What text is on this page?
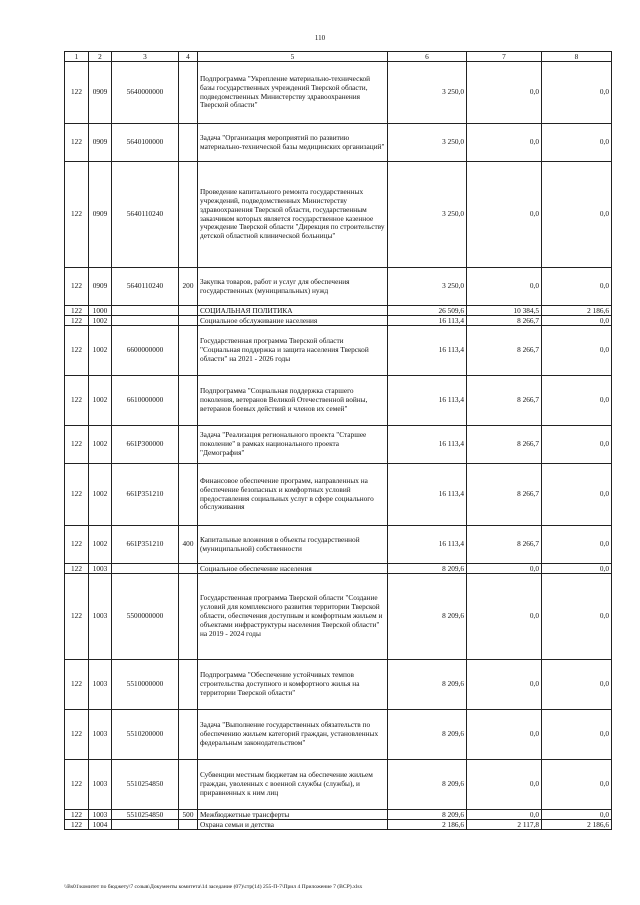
110
1	2	3	4	5	6	7	8
122	0909	5640000000		Подпрограмма "Укрепление материально-технической базы государственных учреждений Тверской области, подведомственных Министерству здравоохранения Тверской области"	3 250,0	0,0	0,0
122	0909	5640100000		Задача "Организация мероприятий по развитию материально-технической базы медицинских организаций"	3 250,0	0,0	0,0
122	0909	5640110240		Проведение капитального ремонта государственных учреждений, подведомственных Министерству здравоохранения Тверской области, государственным заказчиком которых является государственное казенное учреждение Тверской области "Дирекция по строительству детской областной клинической больницы"	3 250,0	0,0	0,0
122	0909	5640110240	200	Закупка товаров, работ и услуг для обеспечения государственных (муниципальных) нужд	3 250,0	0,0	0,0
122	1000			СОЦИАЛЬНАЯ ПОЛИТИКА	26 509,6	10 384,5	2 186,6
122	1002			Социальное обслуживание населения	16 113,4	8 266,7	0,0
122	1002	6600000000		Государственная программа Тверской области "Социальная поддержка и защита населения Тверской области" на 2021 - 2026 годы	16 113,4	8 266,7	0,0
122	1002	6610000000		Подпрограмма "Социальная поддержка старшего поколения, ветеранов Великой Отечественной войны, ветеранов боевых действий и членов их семей"	16 113,4	8 266,7	0,0
122	1002	661P300000		Задача "Реализация регионального проекта "Старшее поколение" в рамках национального проекта "Демография"	16 113,4	8 266,7	0,0
122	1002	661P351210		Финансовое обеспечение программ, направленных на обеспечение безопасных и комфортных условий предоставления социальных услуг в сфере социального обслуживания	16 113,4	8 266,7	0,0
122	1002	661P351210	400	Капитальные вложения в объекты государственной (муниципальной) собственности	16 113,4	8 266,7	0,0
122	1003			Социальное обеспечение населения	8 209,6	0,0	0,0
122	1003	5500000000		Государственная программа Тверской области "Создание условий для комплексного развития территории Тверской области, обеспечения доступным и комфортным жильем и объектами инфраструктуры населения Тверской области" на 2019 - 2024 годы	8 209,6	0,0	0,0
122	1003	5510000000		Подпрограмма "Обеспечение устойчивых темпов строительства доступного и комфортного жилья на территории Тверской области"	8 209,6	0,0	0,0
122	1003	5510200000		Задача "Выполнение государственных обязательств по обеспечению жильем категорий граждан, установленных федеральным законодательством"	8 209,6	0,0	0,0
122	1003	5510254850		Субвенции местным бюджетам на обеспечение жильем граждан, уволенных с военной службы (службы), и приравненных к ним лиц	8 209,6	0,0	0,0
122	1003	5510254850	500	Межбюджетные трансферты	8 209,6	0,0	0,0
122	1004			Охрана семьи и детства	2 186,6	2 117,8	2 186,6
\\Bs01\комитет по бюджету\7 созыв\Документы комитета\14 заседание (07)\стр(14) 255-П-7\Прил 4 Приложение 7 (ВСР).xlsx
